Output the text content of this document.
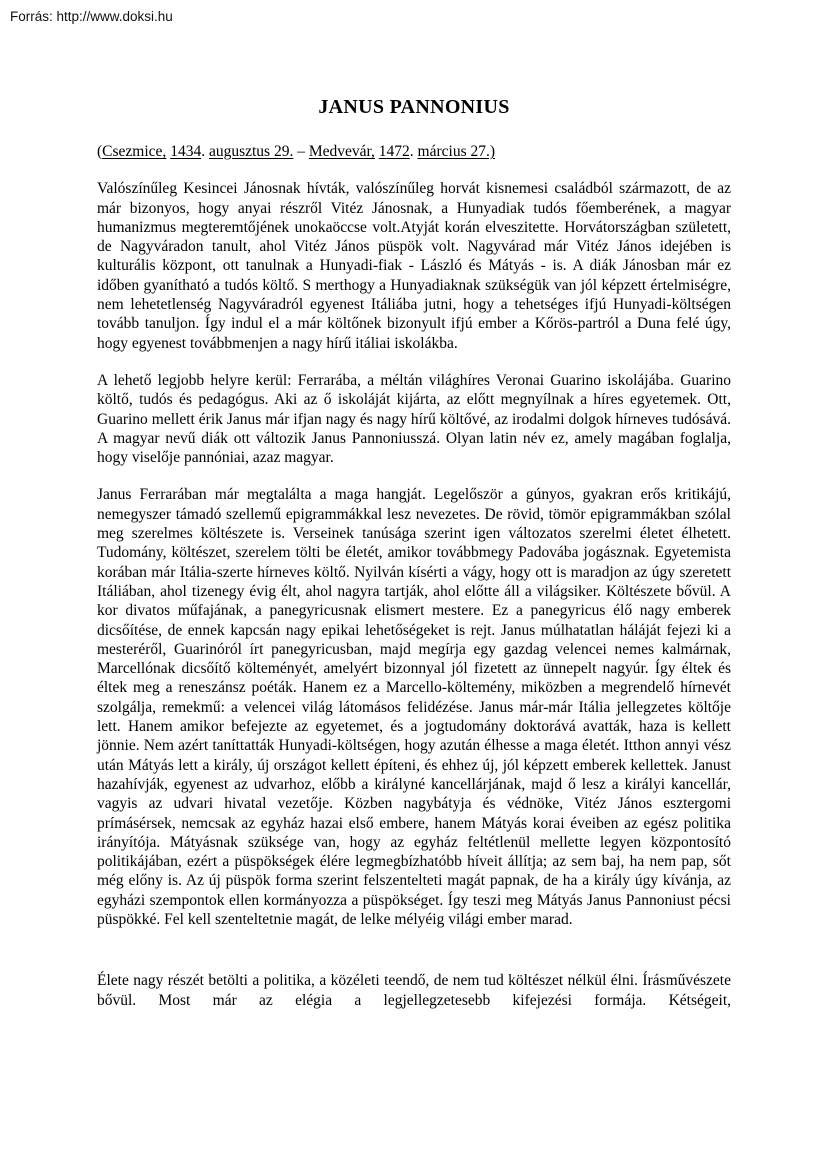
Forrás: http://www.doksi.hu
JANUS PANNONIUS

(Csezmice, 1434. augusztus 29. – Medvevár, 1472. március 27.)

Valószínűleg Kesincei Jánosnak hívták, valószínűleg horvát kisnemesi családból származott, de az már bizonyos, hogy anyai részről Vitéz Jánosnak, a Hunyadiak tudós főemberének, a magyar humanizmus megteremtőjének unokaöccse volt.Atyját korán elveszitette. Horvátországban született, de Nagyváradon tanult, ahol Vitéz János püspök volt. Nagyvárad már Vitéz János idejében is kulturális központ, ott tanulnak a Hunyadi-fiak - László és Mátyás - is. A diák Jánosban már ez időben gyanítható a tudós költő. S merthogy a Hunyadiaknak szükségük van jól képzett értelmiségre, nem lehetetlenség Nagyváradról egyenest Itáliába jutni, hogy a tehetséges ifjú Hunyadi-költségen tovább tanuljon. Így indul el a már költőnek bizonyult ifjú ember a Kőrös-partról a Duna felé úgy, hogy egyenest továbbmenjen a nagy hírű itáliai iskolákba.

A lehető legjobb helyre kerül: Ferrarába, a méltán világhíres Veronai Guarino iskolájába. Guarino költő, tudós és pedagógus. Aki az ő iskoláját kijárta, az előtt megnyílnak a híres egyetemek. Ott, Guarino mellett érik Janus már ifjan nagy és nagy hírű költővé, az irodalmi dolgok hírneves tudósává. A magyar nevű diák ott változik Janus Pannoniusszá. Olyan latin név ez, amely magában foglalja, hogy viselője pannóniai, azaz magyar.

Janus Ferrarában már megtalálta a maga hangját. Legelőször a gúnyos, gyakran erős kritikájú, nemegyszer támadó szellemű epigrammákkal lesz nevezetes. De rövid, tömör epigrammákban szólal meg szerelmes költészete is. Verseinek tanúsága szerint igen változatos szerelmi életet élhetett. Tudomány, költészet, szerelem tölti be életét, amikor továbbmegy Padovába jogásznak. Egyetemista korában már Itália-szerte hírneves költő. Nyilván kísérti a vágy, hogy ott is maradjon az úgy szeretett Itáliában, ahol tizenegy évig élt, ahol nagyra tartják, ahol előtte áll a világsiker. Költészete bővül. A kor divatos műfajának, a panegyricusnak elismert mestere. Ez a panegyricus élő nagy emberek dicsőítése, de ennek kapcsán nagy epikai lehetőségeket is rejt. Janus múlhatatlan háláját fejezi ki a mesteréről, Guarinóról írt panegyricusban, majd megírja egy gazdag velencei nemes kalmárnak, Marcellónak dicsőítő költeményét, amelyért bizonnyal jól fizetett az ünnepelt nagyúr. Így éltek és éltek meg a reneszánsz poéták. Hanem ez a Marcello-költemény, miközben a megrendelő hírnevét szolgálja, remekmű: a velencei világ látomásos felidézése. Janus már-már Itália jellegzetes költője lett. Hanem amikor befejezte az egyetemet, és a jogtudomány doktorává avatták, haza is kellett jönnie. Nem azért taníttatták Hunyadi-költségen, hogy azután élhesse a maga életét. Itthon annyi vész után Mátyás lett a király, új országot kellett építeni, és ehhez új, jól képzett emberek kellettek. Janust hazahívják, egyenest az udvarhoz, előbb a királyné kancellárjának, majd ő lesz a királyi kancellár, vagyis az udvari hivatal vezetője. Közben nagybátyja és védnöke, Vitéz János esztergomi prímásérsek, nemcsak az egyház hazai első embere, hanem Mátyás korai éveiben az egész politika irányítója. Mátyásnak szüksége van, hogy az egyház feltétlenül mellette legyen központosító politikájában, ezért a püspökségek élére legmegbízhatóbb híveit állítja; az sem baj, ha nem pap, sőt még előny is. Az új püspök forma szerint felszentelteti magát papnak, de ha a király úgy kívánja, az egyházi szempontok ellen kormányozza a püspökséget. Így teszi meg Mátyás Janus Pannoniust pécsi püspökké. Fel kell szenteltetnie magát, de lelke mélyéig világi ember marad.

Élete nagy részét betölti a politika, a közéleti teendő, de nem tud költészet nélkül élni. Írásművészete bővül. Most már az elégia a legjellegzetesebb kifejezési formája. Kétségeit,
